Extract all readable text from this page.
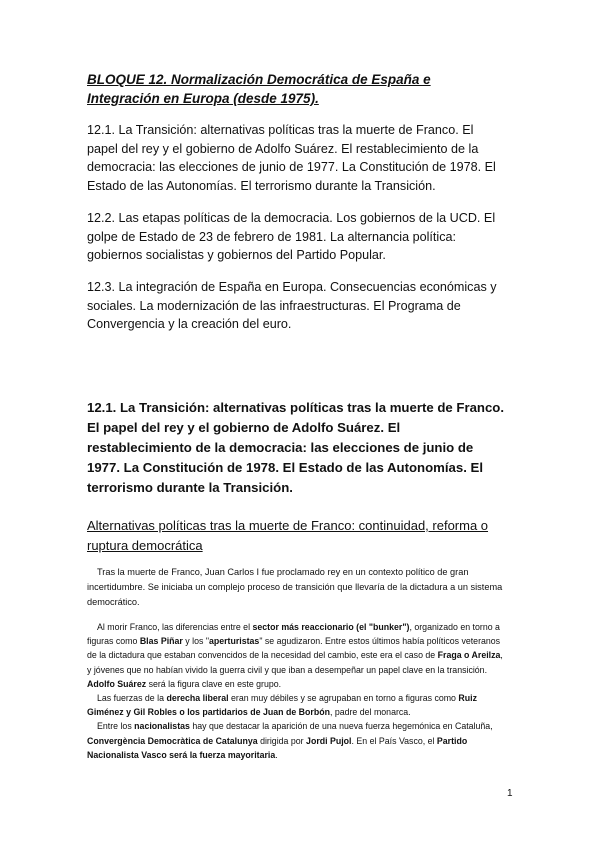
BLOQUE 12. Normalización Democrática de España e Integración en Europa (desde 1975).
12.1. La Transición: alternativas políticas tras la muerte de Franco. El papel del rey y el gobierno de Adolfo Suárez. El restablecimiento de la democracia: las elecciones de junio de 1977. La Constitución de 1978. El Estado de las Autonomías. El terrorismo durante la Transición.
12.2. Las etapas políticas de la democracia. Los gobiernos de la UCD. El golpe de Estado de 23 de febrero de 1981. La alternancia política: gobiernos socialistas y gobiernos del Partido Popular.
12.3. La integración de España en Europa. Consecuencias económicas y sociales. La modernización de las infraestructuras. El Programa de Convergencia y la creación del euro.
12.1. La Transición: alternativas políticas tras la muerte de Franco. El papel del rey y el gobierno de Adolfo Suárez. El restablecimiento de la democracia: las elecciones de junio de 1977. La Constitución de 1978. El Estado de las Autonomías. El terrorismo durante la Transición.
Alternativas políticas tras la muerte de Franco: continuidad, reforma o ruptura democrática

Tras la muerte de Franco, Juan Carlos I fue proclamado rey en un contexto político de gran incertidumbre. Se iniciaba un complejo proceso de transición que llevaría de la dictadura a un sistema democrático.

Al morir Franco, las diferencias entre el sector más reaccionario (el "bunker"), organizado en torno a figuras como Blas Piñar y los "aperturistas" se agudizaron. Entre estos últimos había políticos veteranos de la dictadura que estaban convencidos de la necesidad del cambio, este era el caso de Fraga o Areilza, y jóvenes que no habían vivido la guerra civil y que iban a desempeñar un papel clave en la transición. Adolfo Suárez será la figura clave en este grupo.

Las fuerzas de la derecha liberal eran muy débiles y se agrupaban en torno a figuras como Ruiz Giménez y Gil Robles o los partidarios de Juan de Borbón, padre del monarca.

Entre los nacionalistas hay que destacar la aparición de una nueva fuerza hegemónica en Cataluña, Convergència Democràtica de Catalunya dirigida por Jordi Pujol. En el País Vasco, el Partido Nacionalista Vasco será la fuerza mayoritaria.

1
